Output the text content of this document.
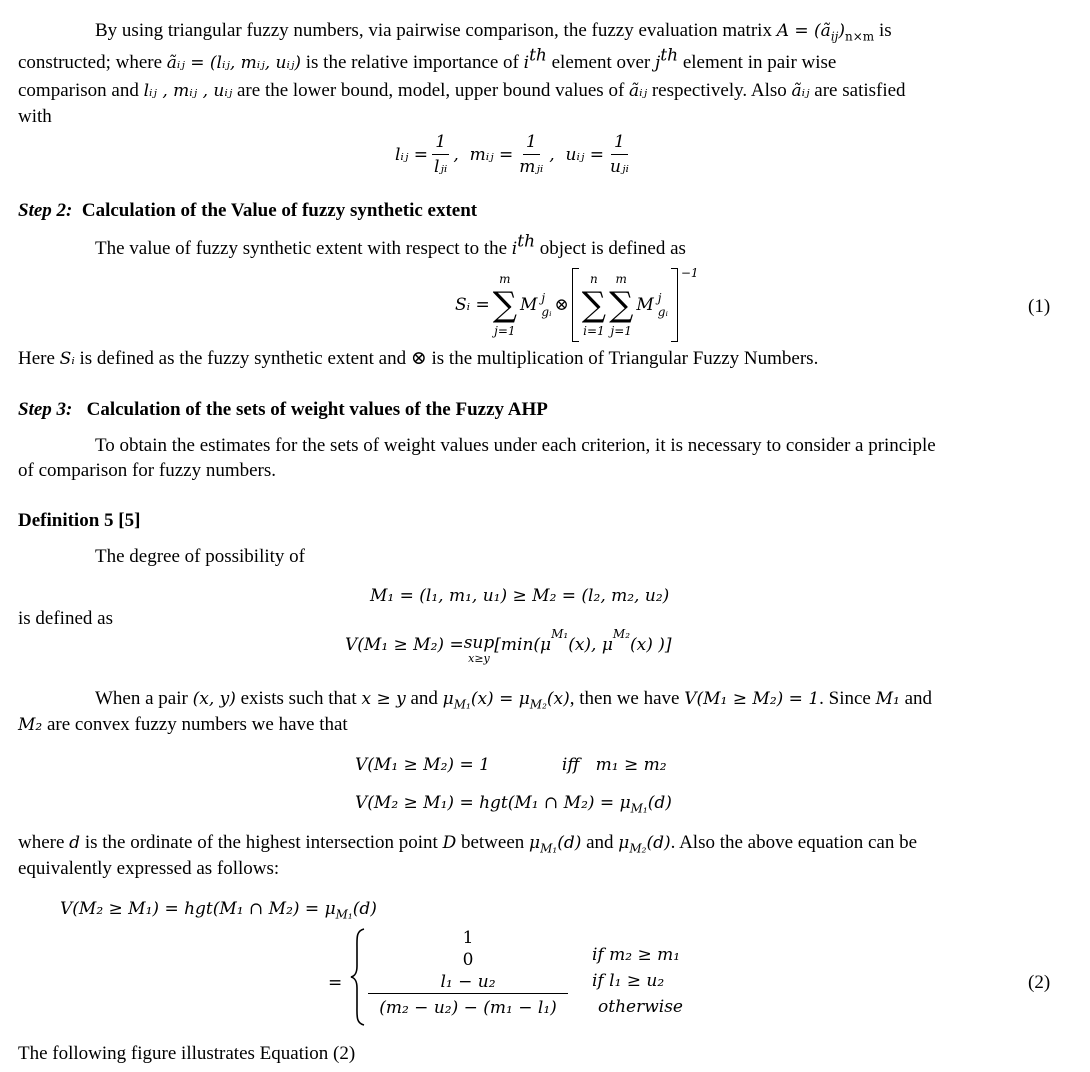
By using triangular fuzzy numbers, via pairwise comparison, the fuzzy evaluation matrix $A = (ã_{ij})_{n\times m}$ is
constructed; where ãᵢⱼ = (lᵢⱼ, mᵢⱼ, uᵢⱼ) is the relative importance of $i^{th}$ element over $j^{th}$ element in pair wise
comparison and lᵢⱼ , mᵢⱼ , uᵢⱼ are the lower bound, model, upper bound values of ãᵢⱼ respectively. Also ãᵢⱼ are satisfied
with
lᵢⱼ = $\frac{1}{\text{lⱼᵢ}}$ , mᵢⱼ = $\frac{1}{\text{mⱼᵢ}}$ , uᵢⱼ = $\frac{1}{\text{uⱼᵢ}}$
Step 2: Calculation of the Value of fuzzy synthetic extent
The value of fuzzy synthetic extent with respect to the $i^{th}$ object is defined as
Sᵢ =
m
∑
j=1
M j
gᵢ ⊗
n
∑
i=1
m
∑
j=1
M j
gᵢ
−1
(1)
Here Sᵢ is defined as the fuzzy synthetic extent and ⊗ is the multiplication of Triangular Fuzzy Numbers.
Step 3: Calculation of the sets of weight values of the Fuzzy AHP
To obtain the estimates for the sets of weight values under each criterion, it is necessary to consider a principle
of comparison for fuzzy numbers.
Definition 5 [5]
The degree of possibility of
M₁ = (l₁, m₁, u₁) ≥ M₂ = (l₂, m₂, u₂)
is defined as
V(M₁ ≥ M₂) = sup
x≥y
[min(μ
M₁
(x), μ
M₂
(x) )]
When a pair (x, y) exists such that x ≥ y and $\mu_{M_1}(x) = \mu_{M_2}(x)$, then we have V(M₁ ≥ M₂) = 1. Since M₁ and
M₂ are convex fuzzy numbers we have that
V(M₁ ≥ M₂) = 1	iff m₁ ≥ m₂
V(M₂ ≥ M₁) = hgt(M₁ ∩ $M_2) = \mu_{M_1}(d)$
where d is the ordinate of the highest intersection point D between $\mu_{M_1}(d)$ and $\mu_{M_2}(d)$. Also the above equation can be
equivalently expressed as follows:
V(M₂ ≥ M₁) = hgt(M₁ ∩ $M_2) = \mu_{M_1}(d)$
=
1
0
l₁ − u₂
(m₂ − u₂) − (m₁ − l₁)
if m₂ ≥ m₁
if l₁ ≥ u₂
otherwise
(2)
The following figure illustrates Equation (2)
